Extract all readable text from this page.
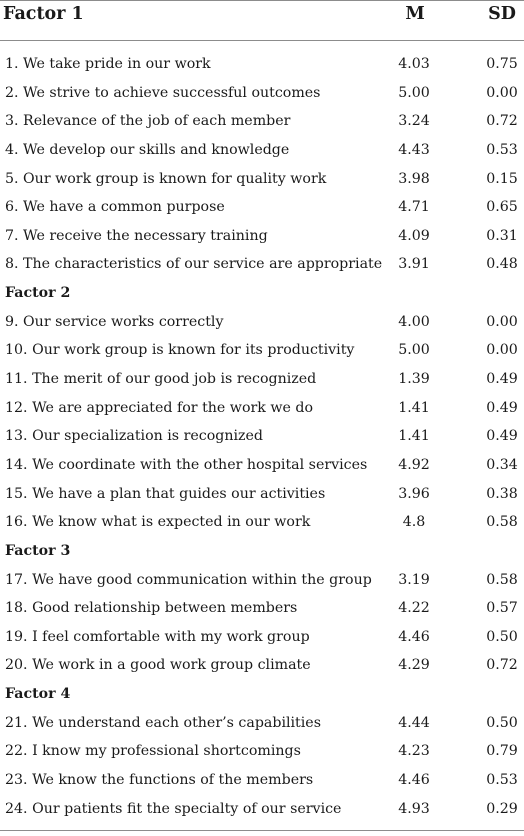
Factor 1	M	SD
1. We take pride in our work	4.03	0.75
2. We strive to achieve successful outcomes	5.00	0.00
3. Relevance of the job of each member	3.24	0.72
4. We develop our skills and knowledge	4.43	0.53
5. Our work group is known for quality work	3.98	0.15
6. We have a common purpose	4.71	0.65
7. We receive the necessary training	4.09	0.31
8. The characteristics of our service are appropriate	3.91	0.48
Factor 2
9. Our service works correctly	4.00	0.00
10. Our work group is known for its productivity	5.00	0.00
11. The merit of our good job is recognized	1.39	0.49
12. We are appreciated for the work we do	1.41	0.49
13. Our specialization is recognized	1.41	0.49
14. We coordinate with the other hospital services	4.92	0.34
15. We have a plan that guides our activities	3.96	0.38
16. We know what is expected in our work	4.8	0.58
Factor 3
17. We have good communication within the group	3.19	0.58
18. Good relationship between members	4.22	0.57
19. I feel comfortable with my work group	4.46	0.50
20. We work in a good work group climate	4.29	0.72
Factor 4
21. We understand each other’s capabilities	4.44	0.50
22. I know my professional shortcomings	4.23	0.79
23. We know the functions of the members	4.46	0.53
24. Our patients fit the specialty of our service	4.93	0.29
